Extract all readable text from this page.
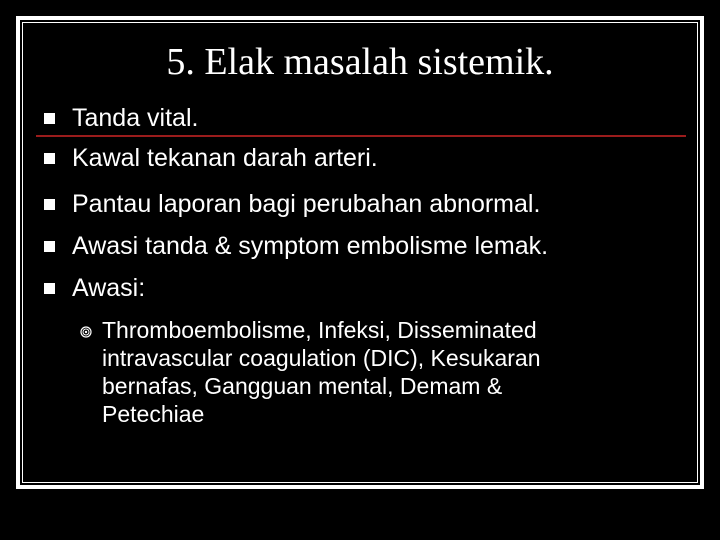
5. Elak masalah sistemik.
Tanda vital.
Kawal tekanan darah arteri.
Pantau laporan bagi perubahan abnormal.
Awasi tanda & symptom embolisme lemak.
Awasi:
Thromboembolisme, Infeksi, Disseminated
intravascular coagulation (DIC), Kesukaran
bernafas, Gangguan mental, Demam &
Petechiae
